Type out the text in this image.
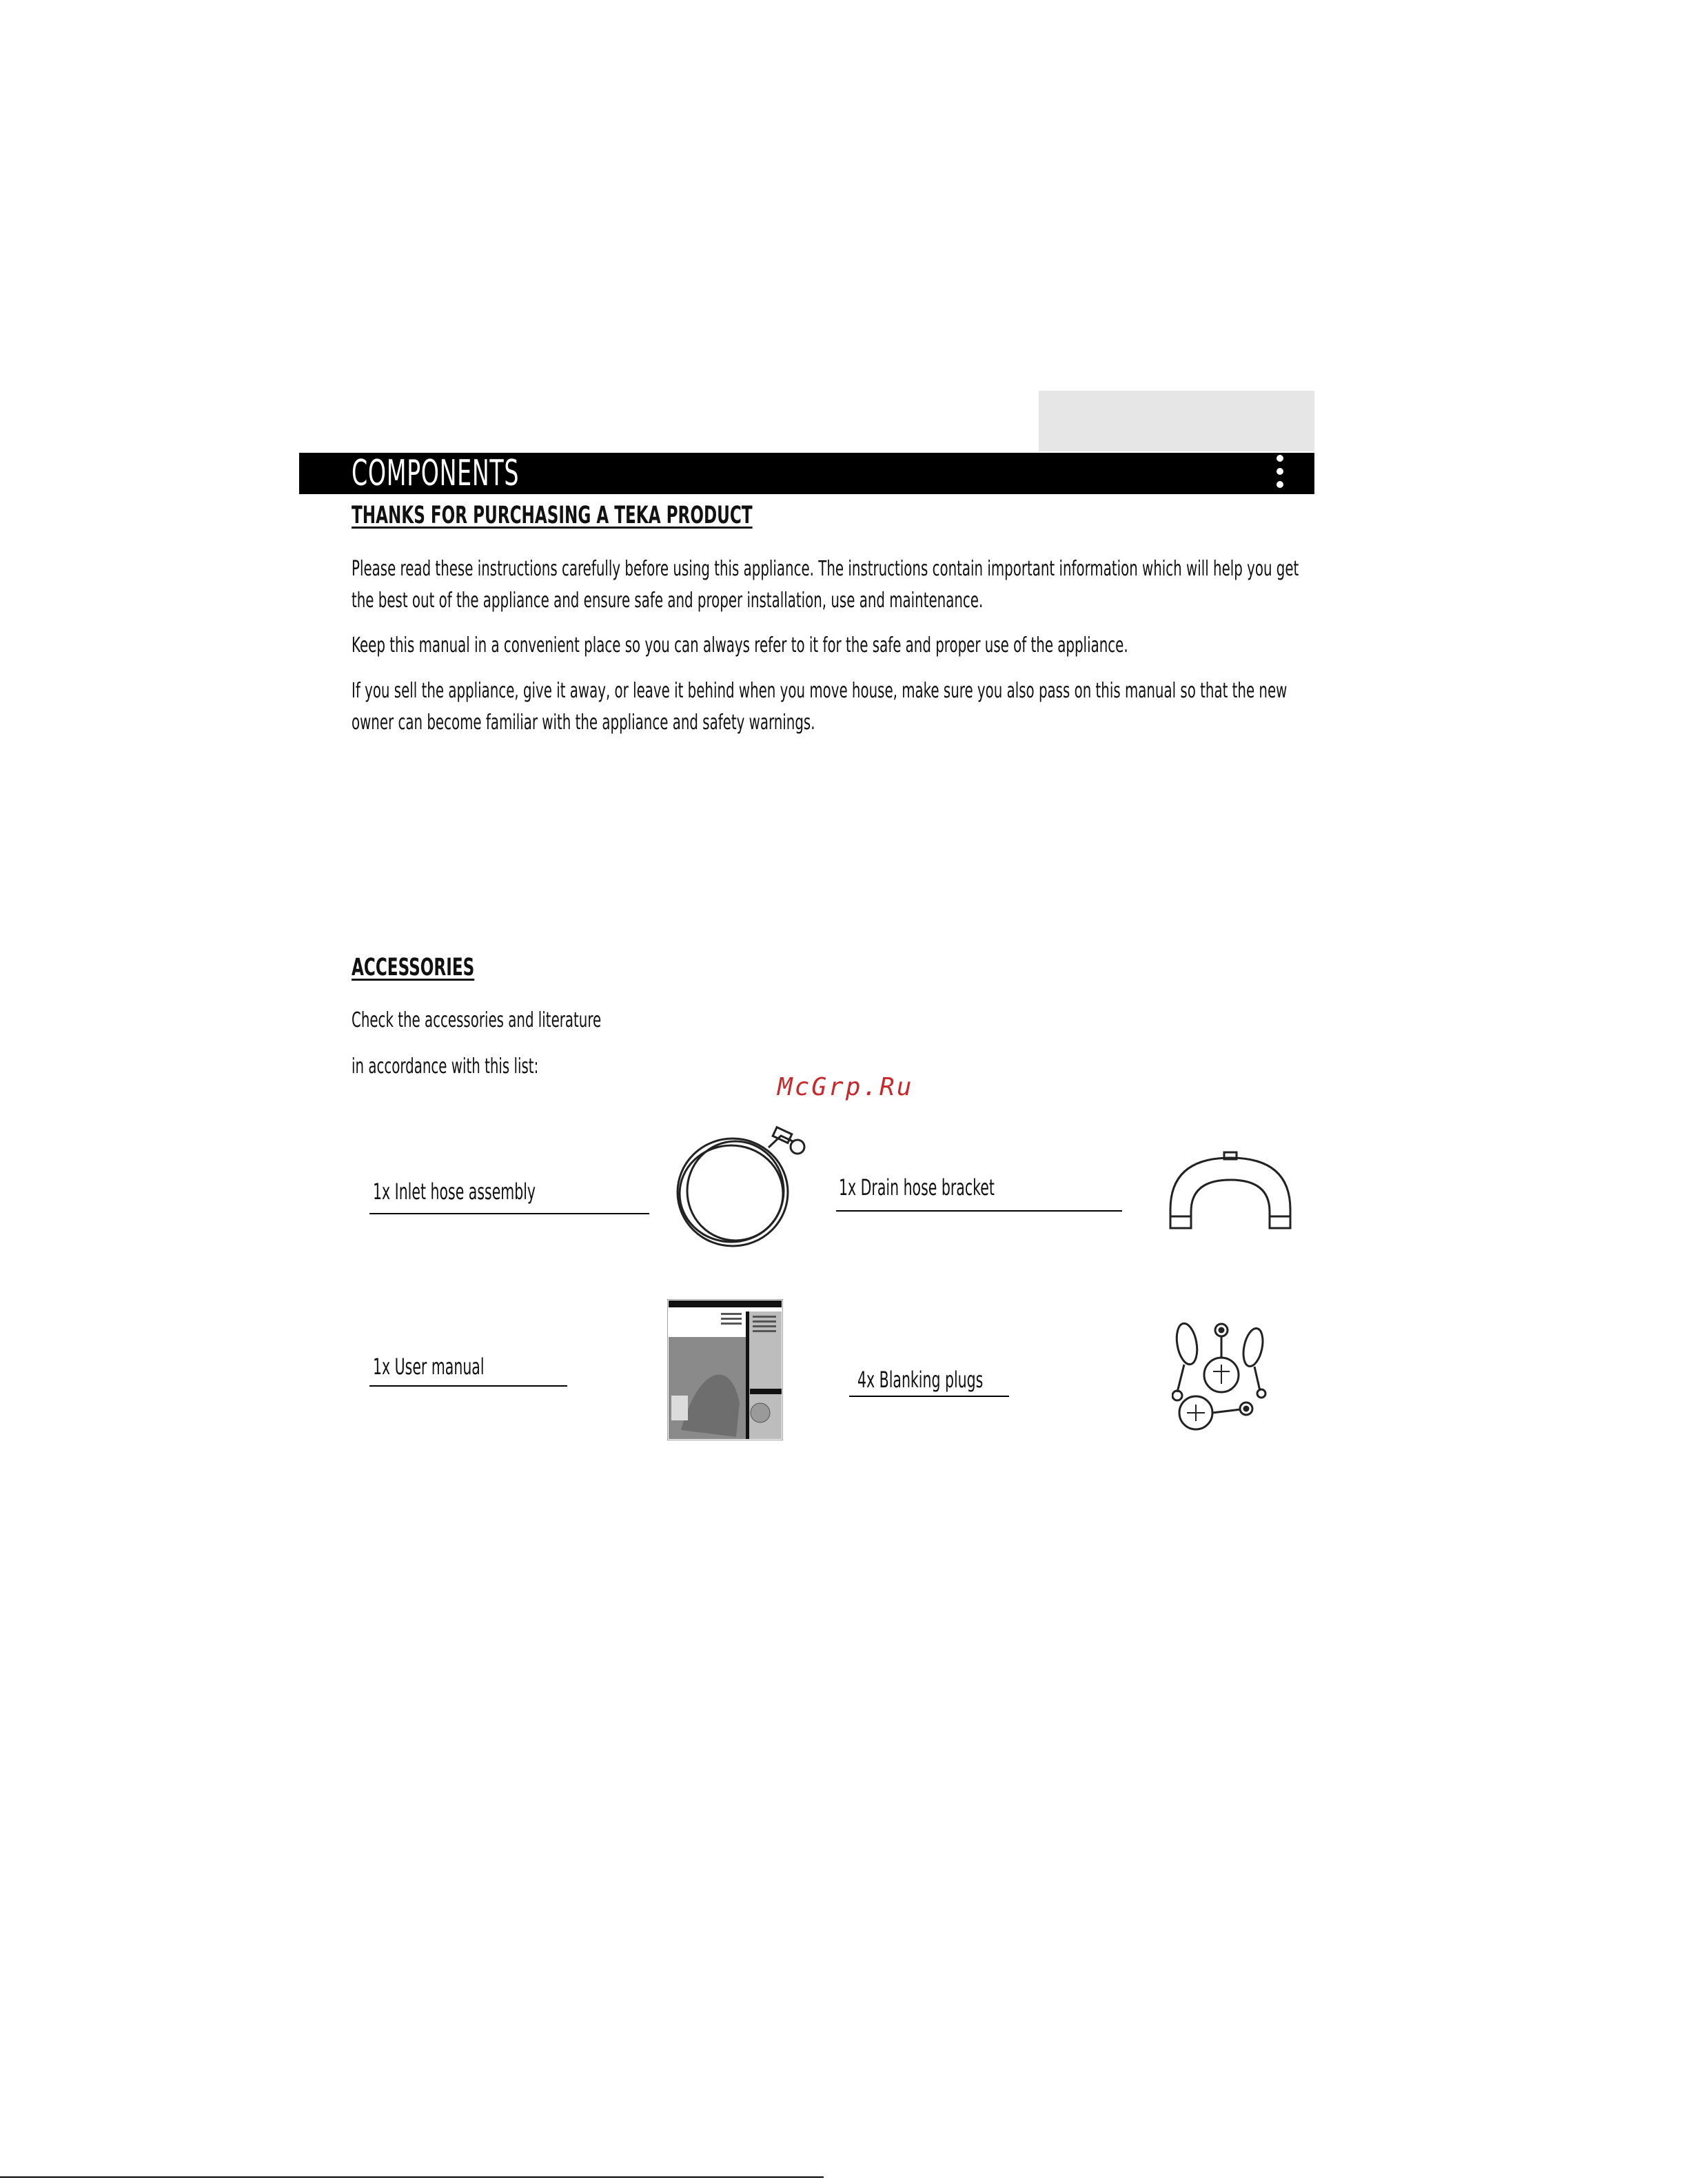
COMPONENTS
THANKS FOR PURCHASING A TEKA PRODUCT

Please read these instructions carefully before using this appliance. The instructions contain important information which will help you get the best out of the appliance and ensure safe and proper installation, use and maintenance.

Keep this manual in a convenient place so you can always refer to it for the safe and proper use of the appliance.

If you sell the appliance, give it away, or leave it behind when you move house, make sure you also pass on this manual so that the new owner can become familiar with the appliance and safety warnings.

ACCESSORIES
Check the accessories and literature
in accordance with this list:
McGrp.Ru
1x Inlet hose assembly	1x Drain hose bracket
1x User manual	4x Blanking plugs
